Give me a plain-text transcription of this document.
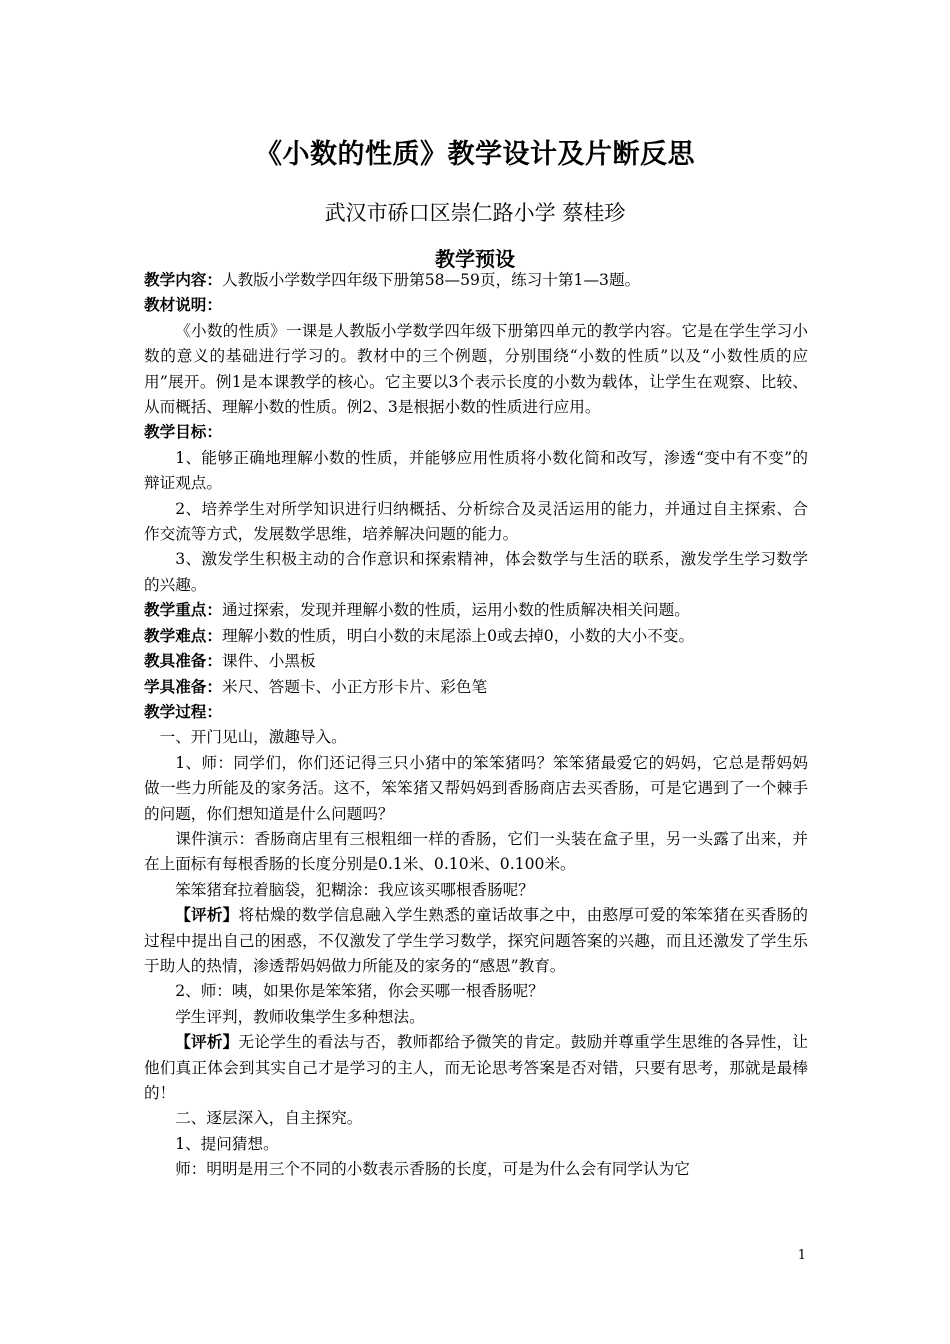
《小数的性质》教学设计及片断反思
武汉市硚口区崇仁路小学 蔡桂珍
教学预设

教学内容：人教版小学数学四年级下册第58—59页，练习十第1—3题。

教材说明：

《小数的性质》一课是人教版小学数学四年级下册第四单元的教学内容。它是在学生学习小数的意义的基础进行学习的。教材中的三个例题，分别围绕“小数的性质”以及“小数性质的应用”展开。例1是本课教学的核心。它主要以3个表示长度的小数为载体，让学生在观察、比较、从而概括、理解小数的性质。例2、3是根据小数的性质进行应用。

教学目标：

1、能够正确地理解小数的性质，并能够应用性质将小数化简和改写，渗透“变中有不变”的辩证观点。

2、培养学生对所学知识进行归纳概括、分析综合及灵活运用的能力，并通过自主探索、合作交流等方式，发展数学思维，培养解决问题的能力。

3、激发学生积极主动的合作意识和探索精神，体会数学与生活的联系，激发学生学习数学的兴趣。

教学重点：通过探索，发现并理解小数的性质，运用小数的性质解决相关问题。

教学难点：理解小数的性质，明白小数的末尾添上0或去掉0，小数的大小不变。

教具准备：课件、小黑板

学具准备：米尺、答题卡、小正方形卡片、彩色笔

教学过程：

一、开门见山，激趣导入。

1、师：同学们，你们还记得三只小猪中的笨笨猪吗？笨笨猪最爱它的妈妈，它总是帮妈妈做一些力所能及的家务活。这不，笨笨猪又帮妈妈到香肠商店去买香肠，可是它遇到了一个棘手的问题，你们想知道是什么问题吗？

课件演示：香肠商店里有三根粗细一样的香肠，它们一头装在盒子里，另一头露了出来，并在上面标有每根香肠的长度分别是0.1米、0.10米、0.100米。

笨笨猪耷拉着脑袋，犯糊涂：我应该买哪根香肠呢？

【评析】将枯燥的数学信息融入学生熟悉的童话故事之中，由憨厚可爱的笨笨猪在买香肠的过程中提出自己的困惑，不仅激发了学生学习数学，探究问题答案的兴趣，而且还激发了学生乐于助人的热情，渗透帮妈妈做力所能及的家务的“感恩”教育。

2、师：咦，如果你是笨笨猪，你会买哪一根香肠呢？

学生评判，教师收集学生多种想法。

【评析】无论学生的看法与否，教师都给予微笑的肯定。鼓励并尊重学生思维的各异性，让他们真正体会到其实自己才是学习的主人，而无论思考答案是否对错，只要有思考，那就是最棒的！

二、逐层深入，自主探究。

1、提问猜想。

师：明明是用三个不同的小数表示香肠的长度，可是为什么会有同学认为它

1
